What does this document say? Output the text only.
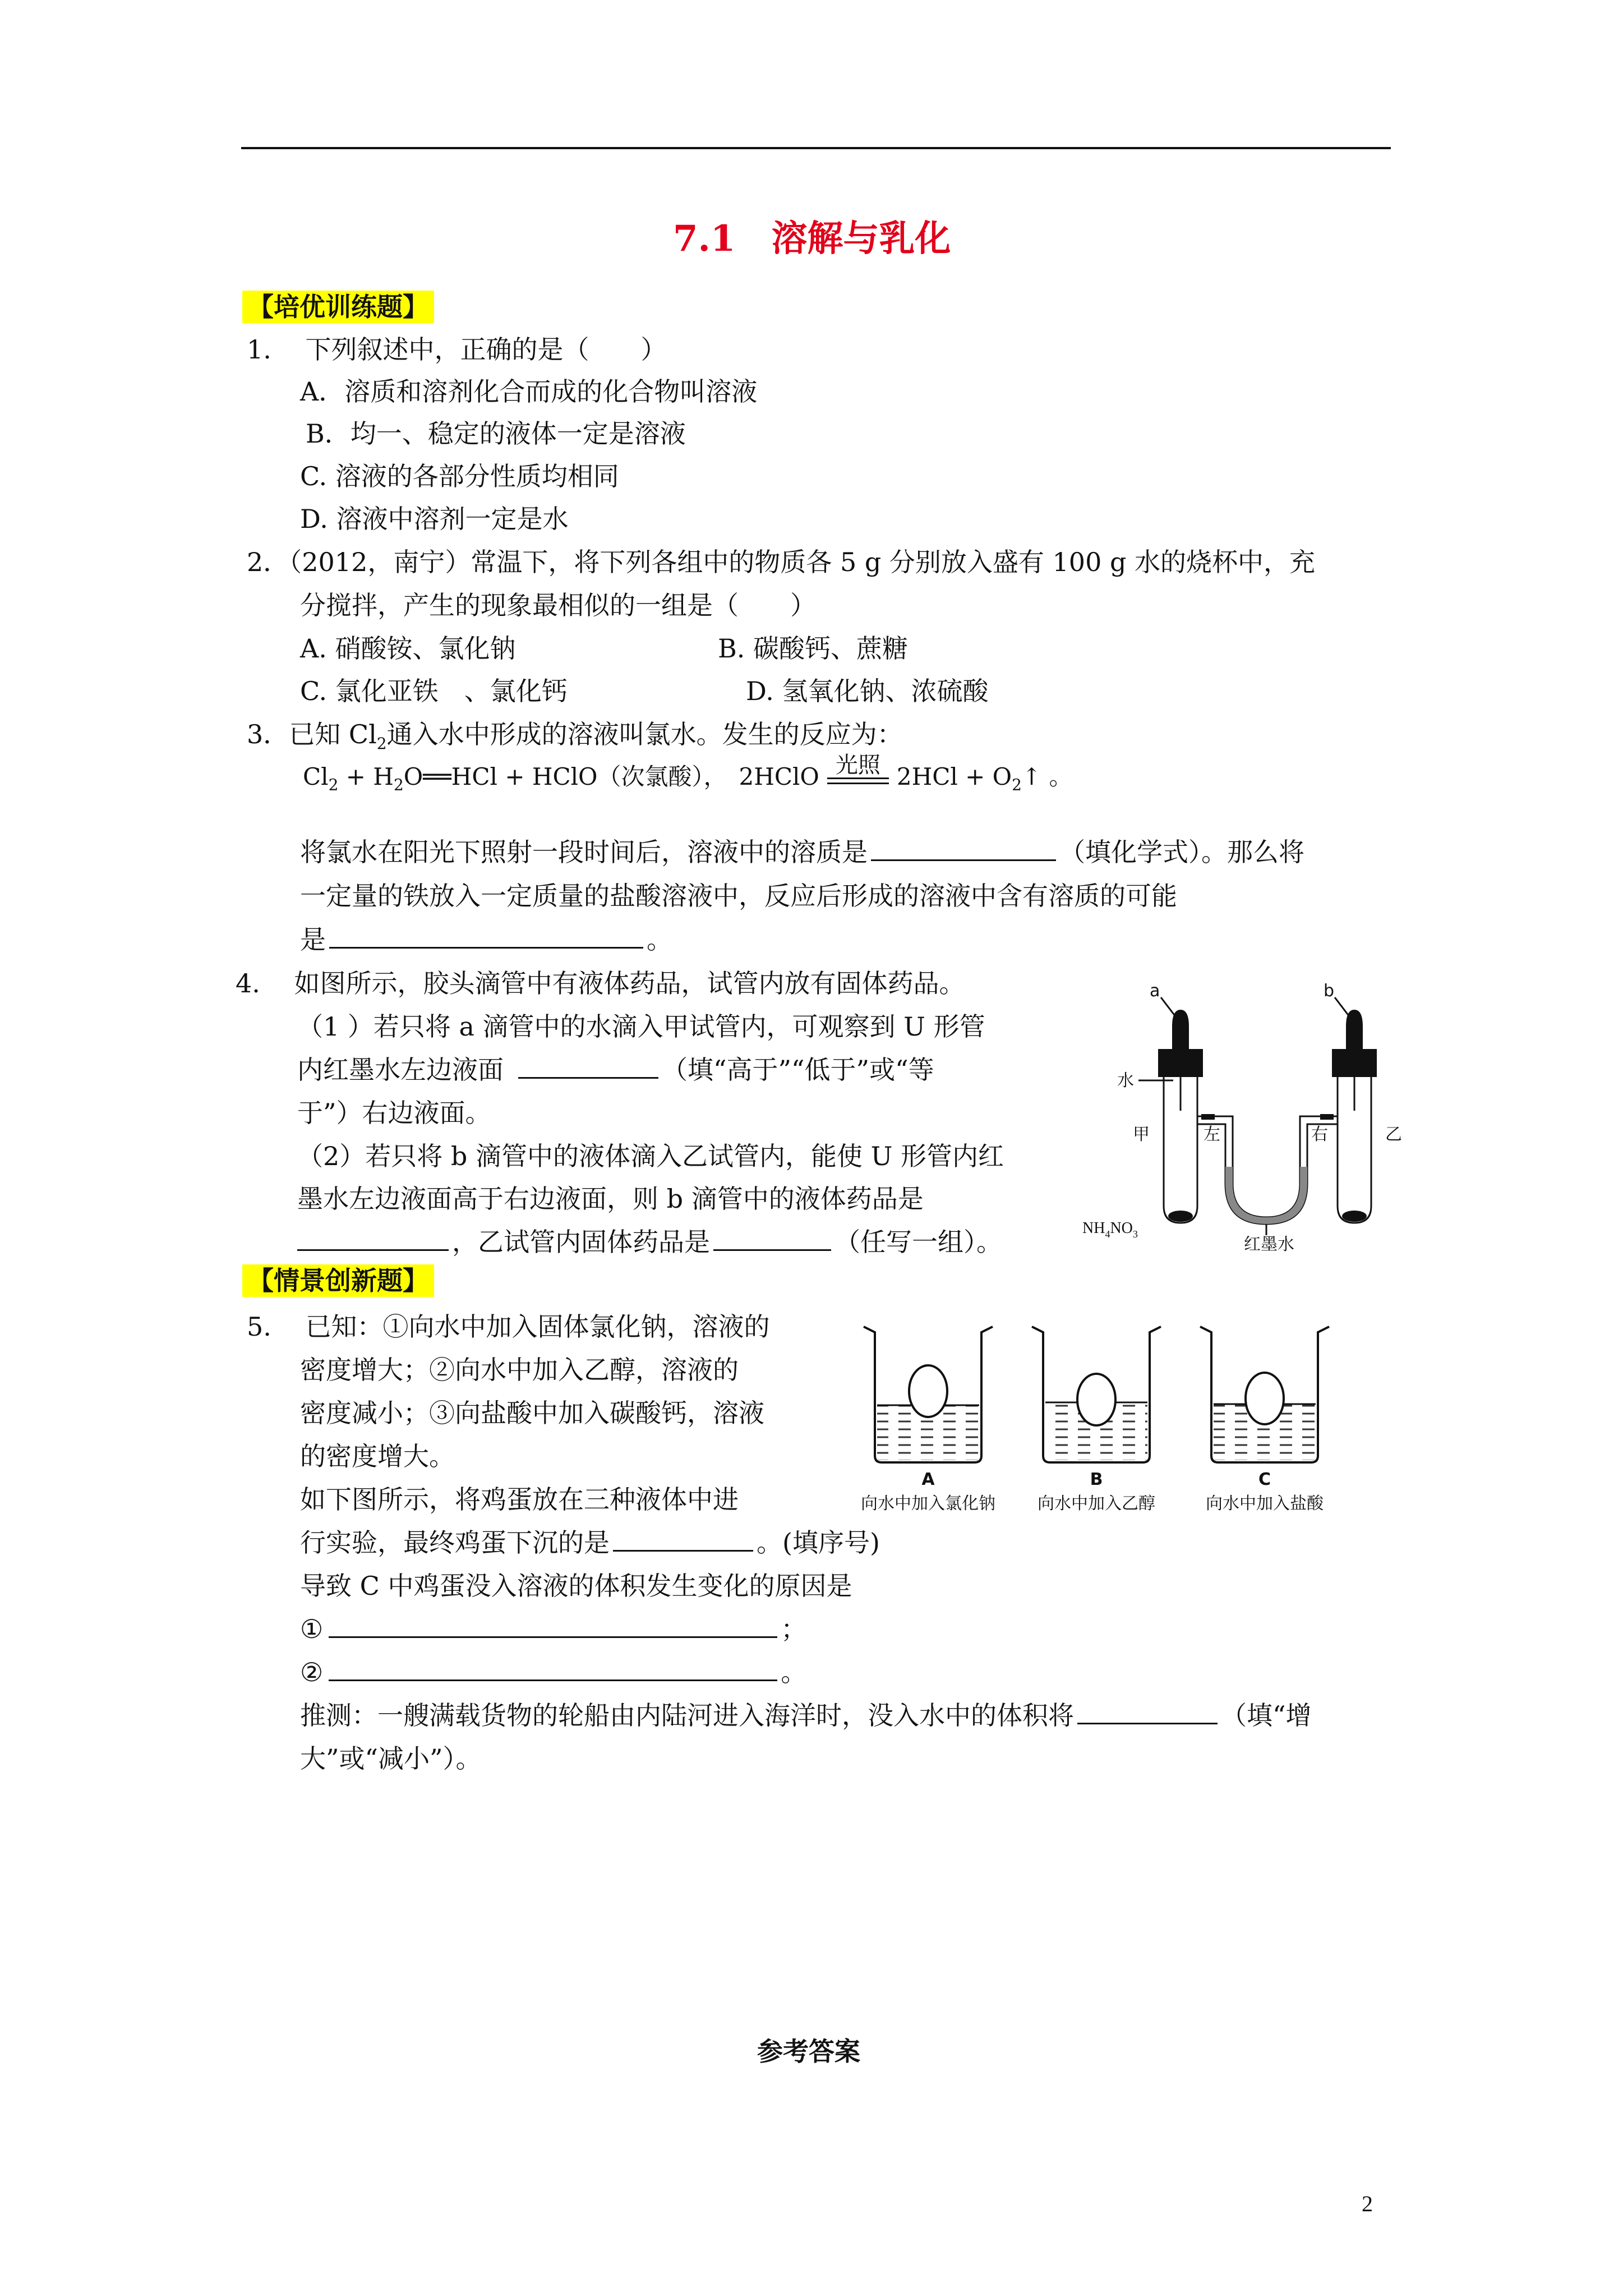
7.1　溶解与乳化
【培优训练题】
1.　 下列叙述中，正确的是（　　）
A．溶质和溶剂化合而成的化合物叫溶液
B．均一、稳定的液体一定是溶液
C. 溶液的各部分性质均相同
D. 溶液中溶剂一定是水
2．（2012，南宁）常温下，将下列各组中的物质各 5 g 分别放入盛有 100 g 水的烧杯中，充
分搅拌，产生的现象最相似的一组是（　　）
A. 硝酸铵、氯化钠	B. 碳酸钙、蔗糖
C. 氯化亚铁　、氯化钙	D. 氢氧化钠、浓硫酸
3．已知 $Cl_2$通入水中形成的溶液叫氯水。发生的反应为：
$Cl_2$ + $H_2O══HCl$ + HClO（次氯酸），　2HClO 光照 $2HCl + O_2↑$ 。
将氯水在阳光下照射一段时间后，溶液中的溶质是	（填化学式）。那么将
一定量的铁放入一定质量的盐酸溶液中，反应后形成的溶液中含有溶质的可能
是	。
4.　 如图所示，胶头滴管中有液体药品，试管内放有固体药品。
（1 ）若只将 a 滴管中的水滴入甲试管内，可观察到 U 形管
内红墨水左边液面	（填“高于”“低于”或“等
于”）右边液面。
（2）若只将 b 滴管中的液体滴入乙试管内，能使 U 形管内红
墨水左边液面高于右边液面，则 b 滴管中的液体药品是
，乙试管内固体药品是	（任写一组）。
a	b
水
甲	左	右	乙
红墨水
$NH_4NO_3$
【情景创新题】
5.　 已知：①向水中加入固体氯化钠，溶液的
密度增大；②向水中加入乙醇，溶液的
密度减小；③向盐酸中加入碳酸钙，溶液
的密度增大。
如下图所示，将鸡蛋放在三种液体中进
行实验，最终鸡蛋下沉的是	。(填序号)
导致 C 中鸡蛋没入溶液的体积发生变化的原因是
①	；
②	。
推测：一艘满载货物的轮船由内陆河进入海洋时，没入水中的体积将	（填“增
大”或“减小”）。
A	B	C
向水中加入氯化钠	向水中加入乙醇	向水中加入盐酸
参考答案
2
